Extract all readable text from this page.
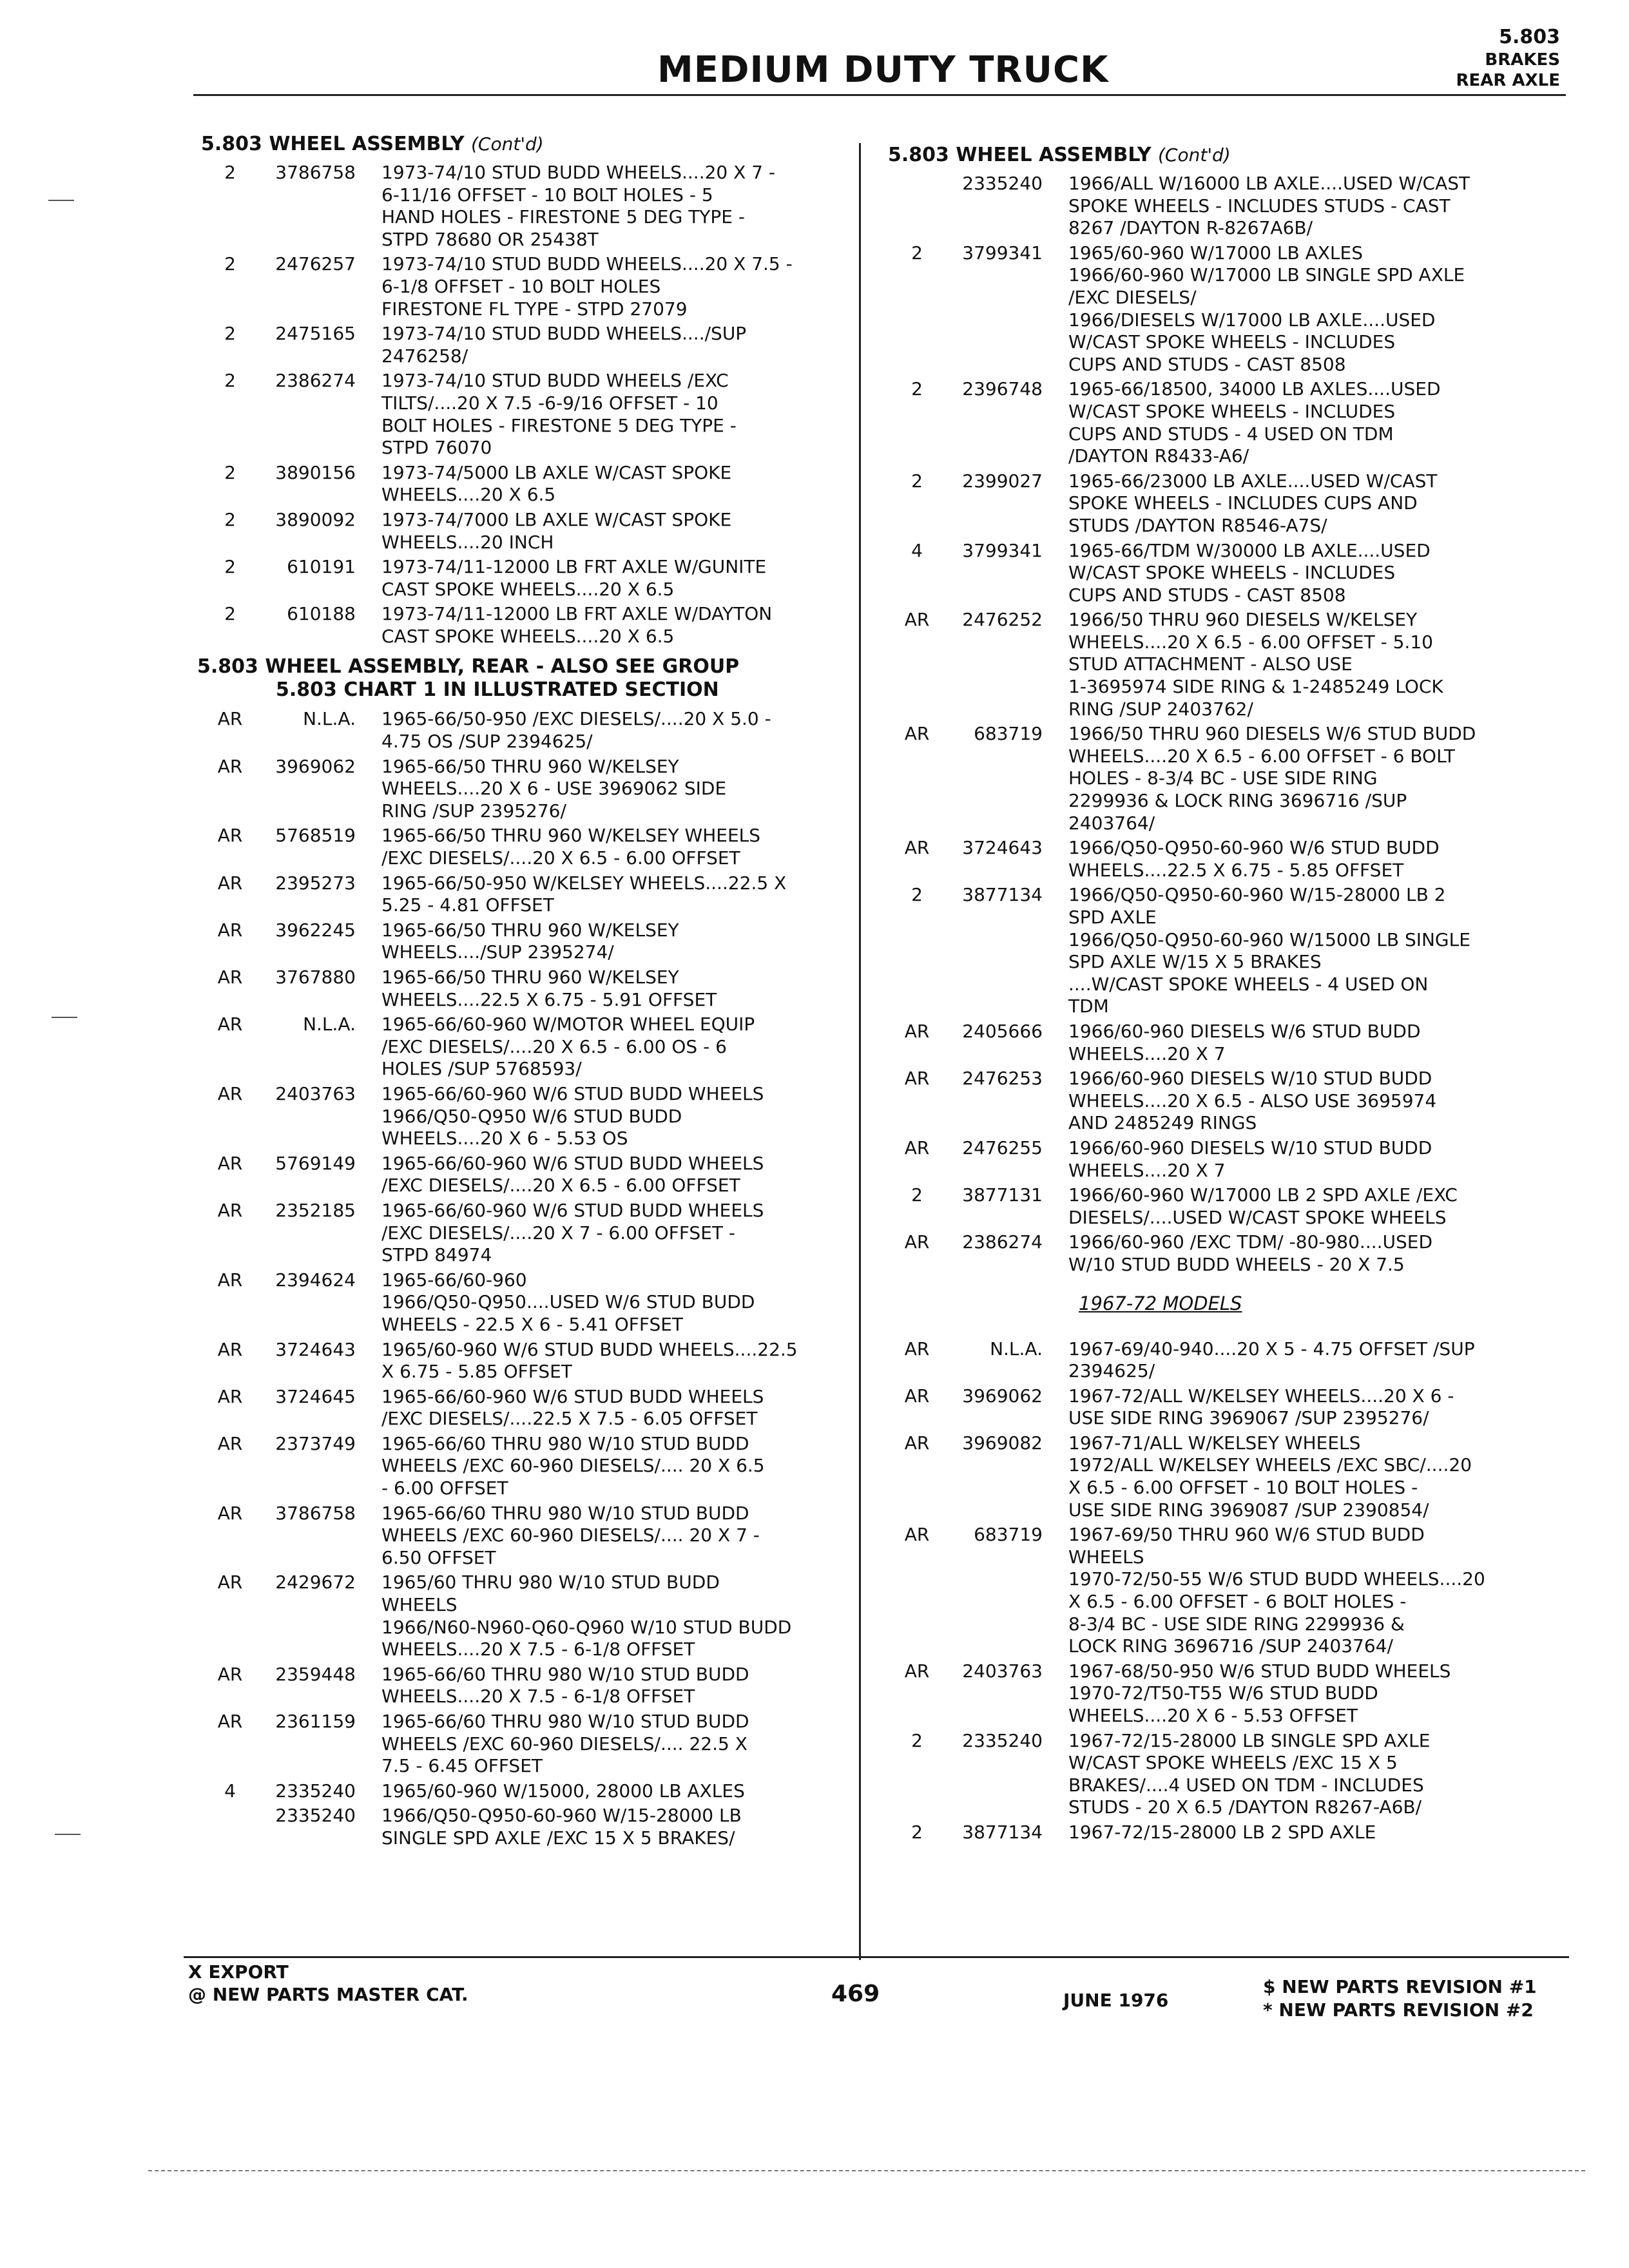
5.803
BRAKES
REAR AXLE
MEDIUM DUTY TRUCK
5.803 WHEEL ASSEMBLY (Cont'd)
2	3786758	1973-74/10 STUD BUDD WHEELS....20 X 7 -
6-11/16 OFFSET - 10 BOLT HOLES - 5
HAND HOLES - FIRESTONE 5 DEG TYPE -
STPD 78680 OR 25438T
2	2476257	1973-74/10 STUD BUDD WHEELS....20 X 7.5 -
6-1/8 OFFSET - 10 BOLT HOLES
FIRESTONE FL TYPE - STPD 27079
2	2475165	1973-74/10 STUD BUDD WHEELS..../SUP
2476258/
2	2386274	1973-74/10 STUD BUDD WHEELS /EXC
TILTS/....20 X 7.5 -6-9/16 OFFSET - 10
BOLT HOLES - FIRESTONE 5 DEG TYPE -
STPD 76070
2	3890156	1973-74/5000 LB AXLE W/CAST SPOKE
WHEELS....20 X 6.5
2	3890092	1973-74/7000 LB AXLE W/CAST SPOKE
WHEELS....20 INCH
2	610191	1973-74/11-12000 LB FRT AXLE W/GUNITE
CAST SPOKE WHEELS....20 X 6.5
2	610188	1973-74/11-12000 LB FRT AXLE W/DAYTON
CAST SPOKE WHEELS....20 X 6.5
5.803 WHEEL ASSEMBLY, REAR - ALSO SEE GROUP
5.803 CHART 1 IN ILLUSTRATED SECTION
AR	N.L.A.	1965-66/50-950 /EXC DIESELS/....20 X 5.0 -
4.75 OS /SUP 2394625/
AR	3969062	1965-66/50 THRU 960 W/KELSEY
WHEELS....20 X 6 - USE 3969062 SIDE
RING /SUP 2395276/
AR	5768519	1965-66/50 THRU 960 W/KELSEY WHEELS
/EXC DIESELS/....20 X 6.5 - 6.00 OFFSET
AR	2395273	1965-66/50-950 W/KELSEY WHEELS....22.5 X
5.25 - 4.81 OFFSET
AR	3962245	1965-66/50 THRU 960 W/KELSEY
WHEELS..../SUP 2395274/
AR	3767880	1965-66/50 THRU 960 W/KELSEY
WHEELS....22.5 X 6.75 - 5.91 OFFSET
AR	N.L.A.	1965-66/60-960 W/MOTOR WHEEL EQUIP
/EXC DIESELS/....20 X 6.5 - 6.00 OS - 6
HOLES /SUP 5768593/
AR	2403763	1965-66/60-960 W/6 STUD BUDD WHEELS
1966/Q50-Q950 W/6 STUD BUDD
WHEELS....20 X 6 - 5.53 OS
AR	5769149	1965-66/60-960 W/6 STUD BUDD WHEELS
/EXC DIESELS/....20 X 6.5 - 6.00 OFFSET
AR	2352185	1965-66/60-960 W/6 STUD BUDD WHEELS
/EXC DIESELS/....20 X 7 - 6.00 OFFSET -
STPD 84974
AR	2394624	1965-66/60-960
1966/Q50-Q950....USED W/6 STUD BUDD
WHEELS - 22.5 X 6 - 5.41 OFFSET
AR	3724643	1965/60-960 W/6 STUD BUDD WHEELS....22.5
X 6.75 - 5.85 OFFSET
AR	3724645	1965-66/60-960 W/6 STUD BUDD WHEELS
/EXC DIESELS/....22.5 X 7.5 - 6.05 OFFSET
AR	2373749	1965-66/60 THRU 980 W/10 STUD BUDD
WHEELS /EXC 60-960 DIESELS/.... 20 X 6.5
- 6.00 OFFSET
AR	3786758	1965-66/60 THRU 980 W/10 STUD BUDD
WHEELS /EXC 60-960 DIESELS/.... 20 X 7 -
6.50 OFFSET
AR	2429672	1965/60 THRU 980 W/10 STUD BUDD
WHEELS
1966/N60-N960-Q60-Q960 W/10 STUD BUDD
WHEELS....20 X 7.5 - 6-1/8 OFFSET
AR	2359448	1965-66/60 THRU 980 W/10 STUD BUDD
WHEELS....20 X 7.5 - 6-1/8 OFFSET
AR	2361159	1965-66/60 THRU 980 W/10 STUD BUDD
WHEELS /EXC 60-960 DIESELS/.... 22.5 X
7.5 - 6.45 OFFSET
4	2335240	1965/60-960 W/15000, 28000 LB AXLES
2335240	1966/Q50-Q950-60-960 W/15-28000 LB
SINGLE SPD AXLE /EXC 15 X 5 BRAKES/
5.803 WHEEL ASSEMBLY (Cont'd)
2335240	1966/ALL W/16000 LB AXLE....USED W/CAST
SPOKE WHEELS - INCLUDES STUDS - CAST
8267 /DAYTON R-8267A6B/
2	3799341	1965/60-960 W/17000 LB AXLES
1966/60-960 W/17000 LB SINGLE SPD AXLE
/EXC DIESELS/
1966/DIESELS W/17000 LB AXLE....USED
W/CAST SPOKE WHEELS - INCLUDES
CUPS AND STUDS - CAST 8508
2	2396748	1965-66/18500, 34000 LB AXLES....USED
W/CAST SPOKE WHEELS - INCLUDES
CUPS AND STUDS - 4 USED ON TDM
/DAYTON R8433-A6/
2	2399027	1965-66/23000 LB AXLE....USED W/CAST
SPOKE WHEELS - INCLUDES CUPS AND
STUDS /DAYTON R8546-A7S/
4	3799341	1965-66/TDM W/30000 LB AXLE....USED
W/CAST SPOKE WHEELS - INCLUDES
CUPS AND STUDS - CAST 8508
AR	2476252	1966/50 THRU 960 DIESELS W/KELSEY
WHEELS....20 X 6.5 - 6.00 OFFSET - 5.10
STUD ATTACHMENT - ALSO USE
1-3695974 SIDE RING & 1-2485249 LOCK
RING /SUP 2403762/
AR	683719	1966/50 THRU 960 DIESELS W/6 STUD BUDD
WHEELS....20 X 6.5 - 6.00 OFFSET - 6 BOLT
HOLES - 8-3/4 BC - USE SIDE RING
2299936 & LOCK RING 3696716 /SUP
2403764/
AR	3724643	1966/Q50-Q950-60-960 W/6 STUD BUDD
WHEELS....22.5 X 6.75 - 5.85 OFFSET
2	3877134	1966/Q50-Q950-60-960 W/15-28000 LB 2
SPD AXLE
1966/Q50-Q950-60-960 W/15000 LB SINGLE
SPD AXLE W/15 X 5 BRAKES
....W/CAST SPOKE WHEELS - 4 USED ON
TDM
AR	2405666	1966/60-960 DIESELS W/6 STUD BUDD
WHEELS....20 X 7
AR	2476253	1966/60-960 DIESELS W/10 STUD BUDD
WHEELS....20 X 6.5 - ALSO USE 3695974
AND 2485249 RINGS
AR	2476255	1966/60-960 DIESELS W/10 STUD BUDD
WHEELS....20 X 7
2	3877131	1966/60-960 W/17000 LB 2 SPD AXLE /EXC
DIESELS/....USED W/CAST SPOKE WHEELS
AR	2386274	1966/60-960 /EXC TDM/ -80-980....USED
W/10 STUD BUDD WHEELS - 20 X 7.5
1967-72 MODELS
AR	N.L.A.	1967-69/40-940....20 X 5 - 4.75 OFFSET /SUP
2394625/
AR	3969062	1967-72/ALL W/KELSEY WHEELS....20 X 6 -
USE SIDE RING 3969067 /SUP 2395276/
AR	3969082	1967-71/ALL W/KELSEY WHEELS
1972/ALL W/KELSEY WHEELS /EXC SBC/....20
X 6.5 - 6.00 OFFSET - 10 BOLT HOLES -
USE SIDE RING 3969087 /SUP 2390854/
AR	683719	1967-69/50 THRU 960 W/6 STUD BUDD
WHEELS
1970-72/50-55 W/6 STUD BUDD WHEELS....20
X 6.5 - 6.00 OFFSET - 6 BOLT HOLES -
8-3/4 BC - USE SIDE RING 2299936 &
LOCK RING 3696716 /SUP 2403764/
AR	2403763	1967-68/50-950 W/6 STUD BUDD WHEELS
1970-72/T50-T55 W/6 STUD BUDD
WHEELS....20 X 6 - 5.53 OFFSET
2	2335240	1967-72/15-28000 LB SINGLE SPD AXLE
W/CAST SPOKE WHEELS /EXC 15 X 5
BRAKES/....4 USED ON TDM - INCLUDES
STUDS - 20 X 6.5 /DAYTON R8267-A6B/
2	3877134	1967-72/15-28000 LB 2 SPD AXLE
X EXPORT
@ NEW PARTS MASTER CAT.	469	JUNE 1976
$ NEW PARTS REVISION #1
* NEW PARTS REVISION #2
